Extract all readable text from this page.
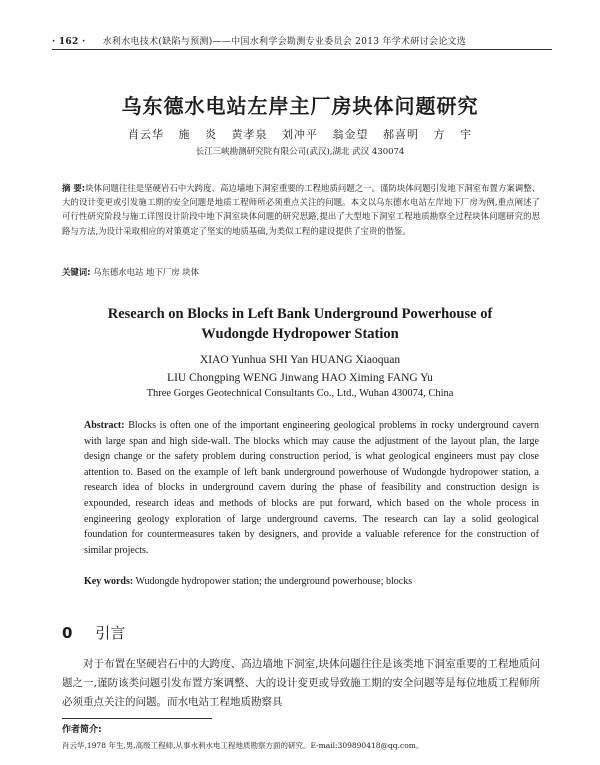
· 162 · 水利水电技术(缺陷与预测)——中国水利学会勘测专业委员会 2013 年学术研讨会论文选
乌东德水电站左岸主厂房块体问题研究
肖云华 施 炎 黄孝泉 刘冲平 翁金望 郝喜明 方 宇
长江三峡勘测研究院有限公司(武汉),湖北 武汉 430074
摘 要:块体问题往往是坚硬岩石中大跨度、高边墙地下洞室重要的工程地质问题之一。谨防块体问题引发地下洞室布置方案调整、大的设计变更或引发施工期的安全问题是地质工程师所必须重点关注的问题。本文以乌东德水电站左岸地下厂房为例,重点阐述了可行性研究阶段与施工详图设计阶段中地下洞室块体问题的研究思路,提出了大型地下洞室工程地质勘察全过程块体问题研究的思路与方法,为设计采取相应的对策奠定了坚实的地质基础,为类似工程的建设提供了宝贵的借鉴。
关键词: 乌东德水电站 地下厂房 块体
Research on Blocks in Left Bank Underground Powerhouse of
Wudongde Hydropower Station
XIAO Yunhua SHI Yan HUANG Xiaoquan
LIU Chongping WENG Jinwang HAO Ximing FANG Yu
Three Gorges Geotechnical Consultants Co., Ltd., Wuhan 430074, China
Abstract: Blocks is often one of the important engineering geological problems in rocky underground cavern with large span and high side-wall. The blocks which may cause the adjustment of the layout plan, the large design change or the safety problem during construction period, is what geological engineers must pay close attention to. Based on the example of left bank underground powerhouse of Wudongde hydropower station, a research idea of blocks in underground cavern during the phase of feasibility and construction design is expounded, research ideas and methods of blocks are put forward, which based on the whole process in engineering geology exploration of large underground caverns. The research can lay a solid geological foundation for countermeasures taken by designers, and provide a valuable reference for the construction of similar projects.
Key words: Wudongde hydropower station; the underground powerhouse; blocks
0 引言
对于布置在坚硬岩石中的大跨度、高边墙地下洞室,块体问题往往是该类地下洞室重要的工程地质问题之一,谨防该类问题引发布置方案调整、大的设计变更或导致施工期的安全问题等是每位地质工程师所必须重点关注的问题。而水电站工程地质勘察具
作者简介:
肖云华,1978 年生,男,高级工程师,从事水利水电工程地质勘察方面的研究。E-mail:309890418@qq.com。
